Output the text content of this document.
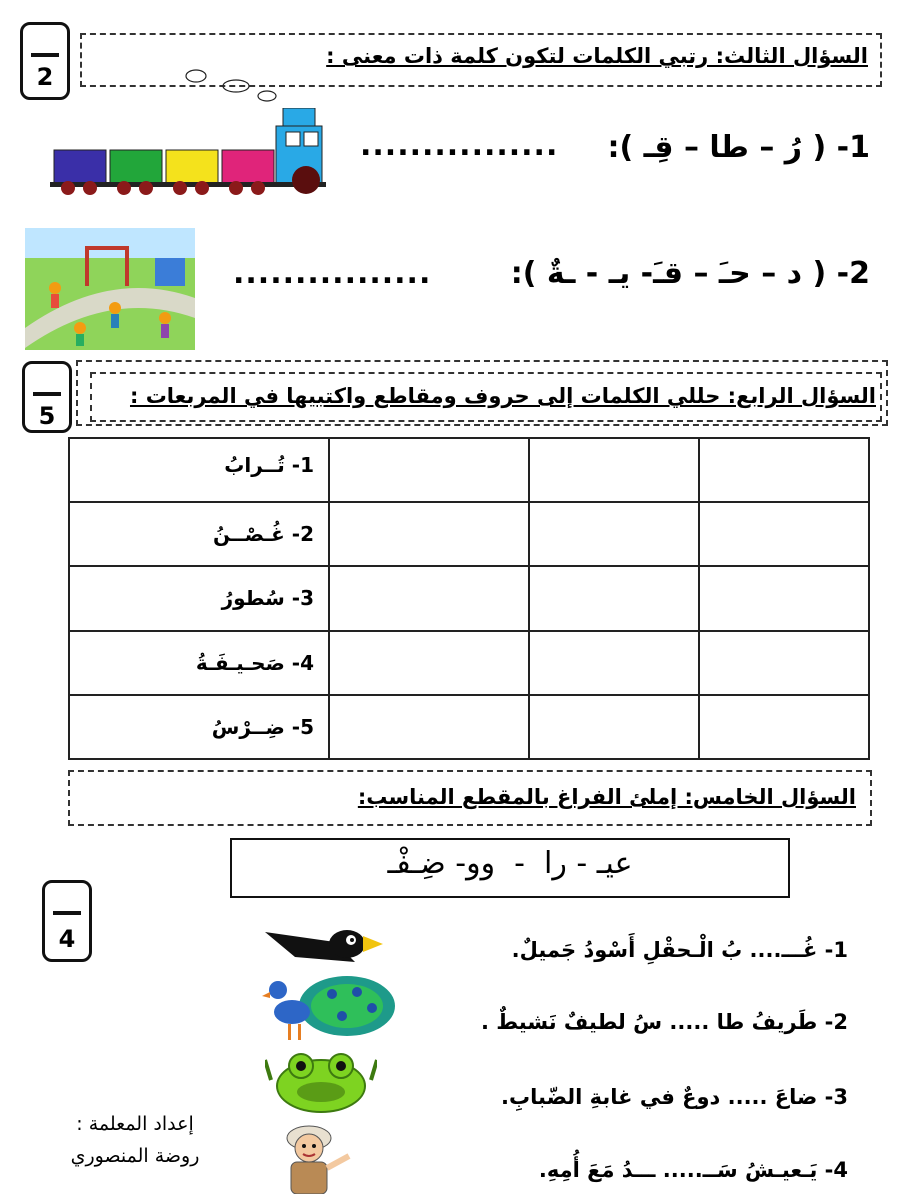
2
السؤال الثالث: رتبي الكلمات لتكون كلمة ذات معنى :
................ 1- ( رُ – طا – قِـ ):
................	2- ( د – حـَ – قـَ- يـ - ـةٌ ):
5
السؤال الرابع: حللي الكلمات إلى حروف ومقاطع واكتبيها في المربعات :
1- تُــرابُ			
2- غُـصْــنُ			
3- سُطورُ			
4- صَحـيـفَـةُ			
5- ضِــرْسُ			
السؤال الخامس: إملئ الفراغ بالمقطع المناسب:
عيـ - را  -  وو- ضِـفْـ
4	1- غُـــ.... بُ الْـحقْلِ أَسْودُ جَميلٌ.
2- طَريفُ طا ..... سُ لطيفٌ نَشيطٌ .
3- ضاعَ ..... دوعٌ في غابةِ الضّبابِ.
4- يَـعيـشُ سَــ..... ـــدُ مَعَ أُمِهِ.
إعداد المعلمة :
روضة المنصوري
